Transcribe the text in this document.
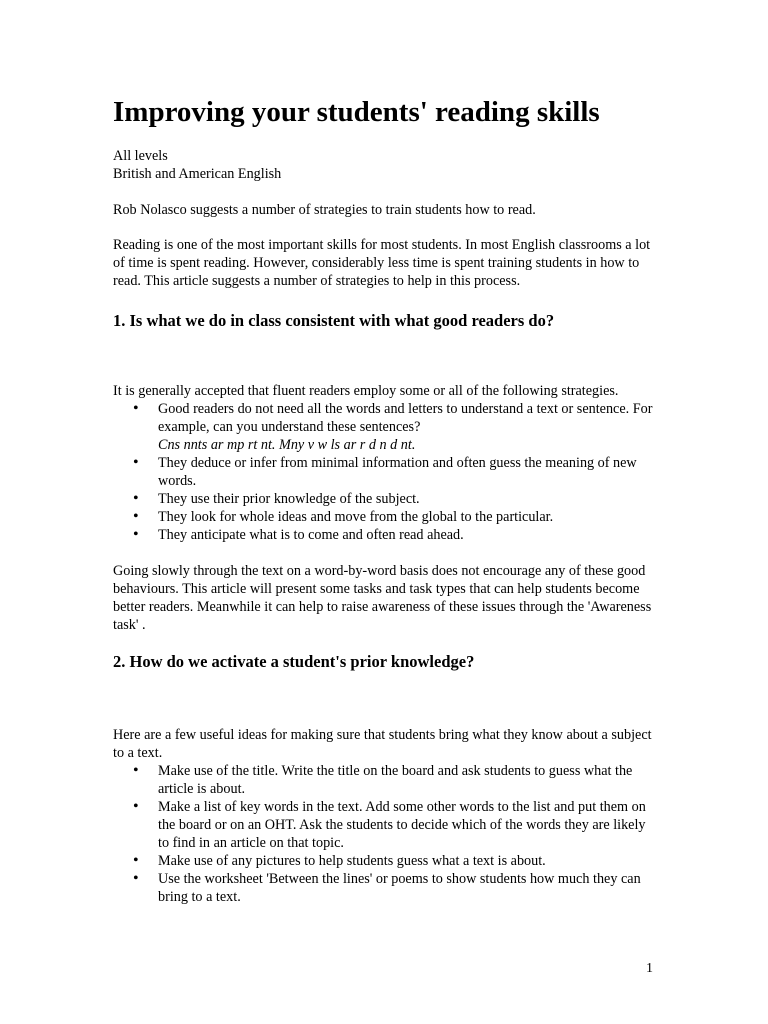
Improving your students' reading skills

All levels

British and American English

Rob Nolasco suggests a number of strategies to train students how to read.

Reading is one of the most important skills for most students. In most English classrooms a lot of time is spent reading. However, considerably less time is spent training students in how to read. This article suggests a number of strategies to help in this process.

1. Is what we do in class consistent with what good readers do?

It is generally accepted that fluent readers employ some or all of the following strategies.

• Good readers do not need all the words and letters to understand a text or sentence. For example, can you understand these sentences?
Cns nnts ar mp rt nt. Mny v w ls ar r d n d nt.
• They deduce or infer from minimal information and often guess the meaning of new words.
• They use their prior knowledge of the subject.
• They look for whole ideas and move from the global to the particular.
• They anticipate what is to come and often read ahead.

Going slowly through the text on a word-by-word basis does not encourage any of these good behaviours. This article will present some tasks and task types that can help students become better readers. Meanwhile it can help to raise awareness of these issues through the 'Awareness task' .

2. How do we activate a student's prior knowledge?

Here are a few useful ideas for making sure that students bring what they know about a subject to a text.

• Make use of the title. Write the title on the board and ask students to guess what the article is about.
• Make a list of key words in the text. Add some other words to the list and put them on the board or on an OHT. Ask the students to decide which of the words they are likely to find in an article on that topic.
• Make use of any pictures to help students guess what a text is about.
• Use the worksheet 'Between the lines' or poems to show students how much they can bring to a text.
1
